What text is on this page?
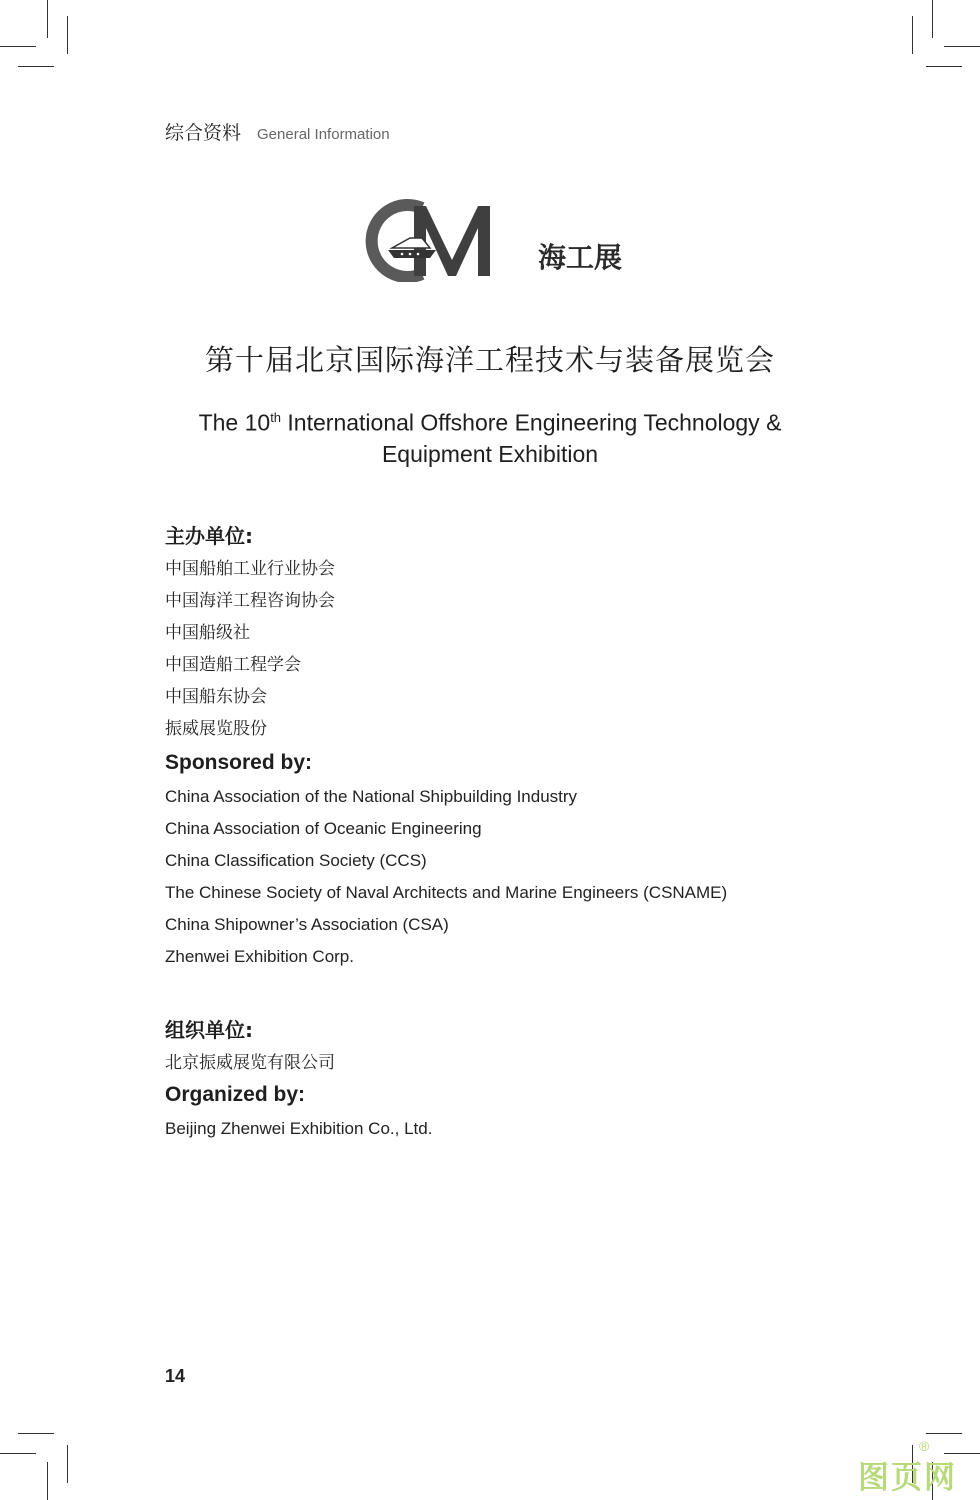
综合资料 General Information
海工展
第十届北京国际海洋工程技术与装备展览会
The 10th International Offshore Engineering Technology &
Equipment Exhibition
主办单位:
中国船舶工业行业协会
中国海洋工程咨询协会
中国船级社
中国造船工程学会
中国船东协会
振威展览股份
Sponsored by:
China Association of the National Shipbuilding Industry
China Association of Oceanic Engineering
China Classification Society (CCS)
The Chinese Society of Naval Architects and Marine Engineers (CSNAME)
China Shipowner’s Association (CSA)
Zhenwei Exhibition Corp.
组织单位:
北京振威展览有限公司
Organized by:
Beijing Zhenwei Exhibition Co., Ltd.
14
图页网
®
